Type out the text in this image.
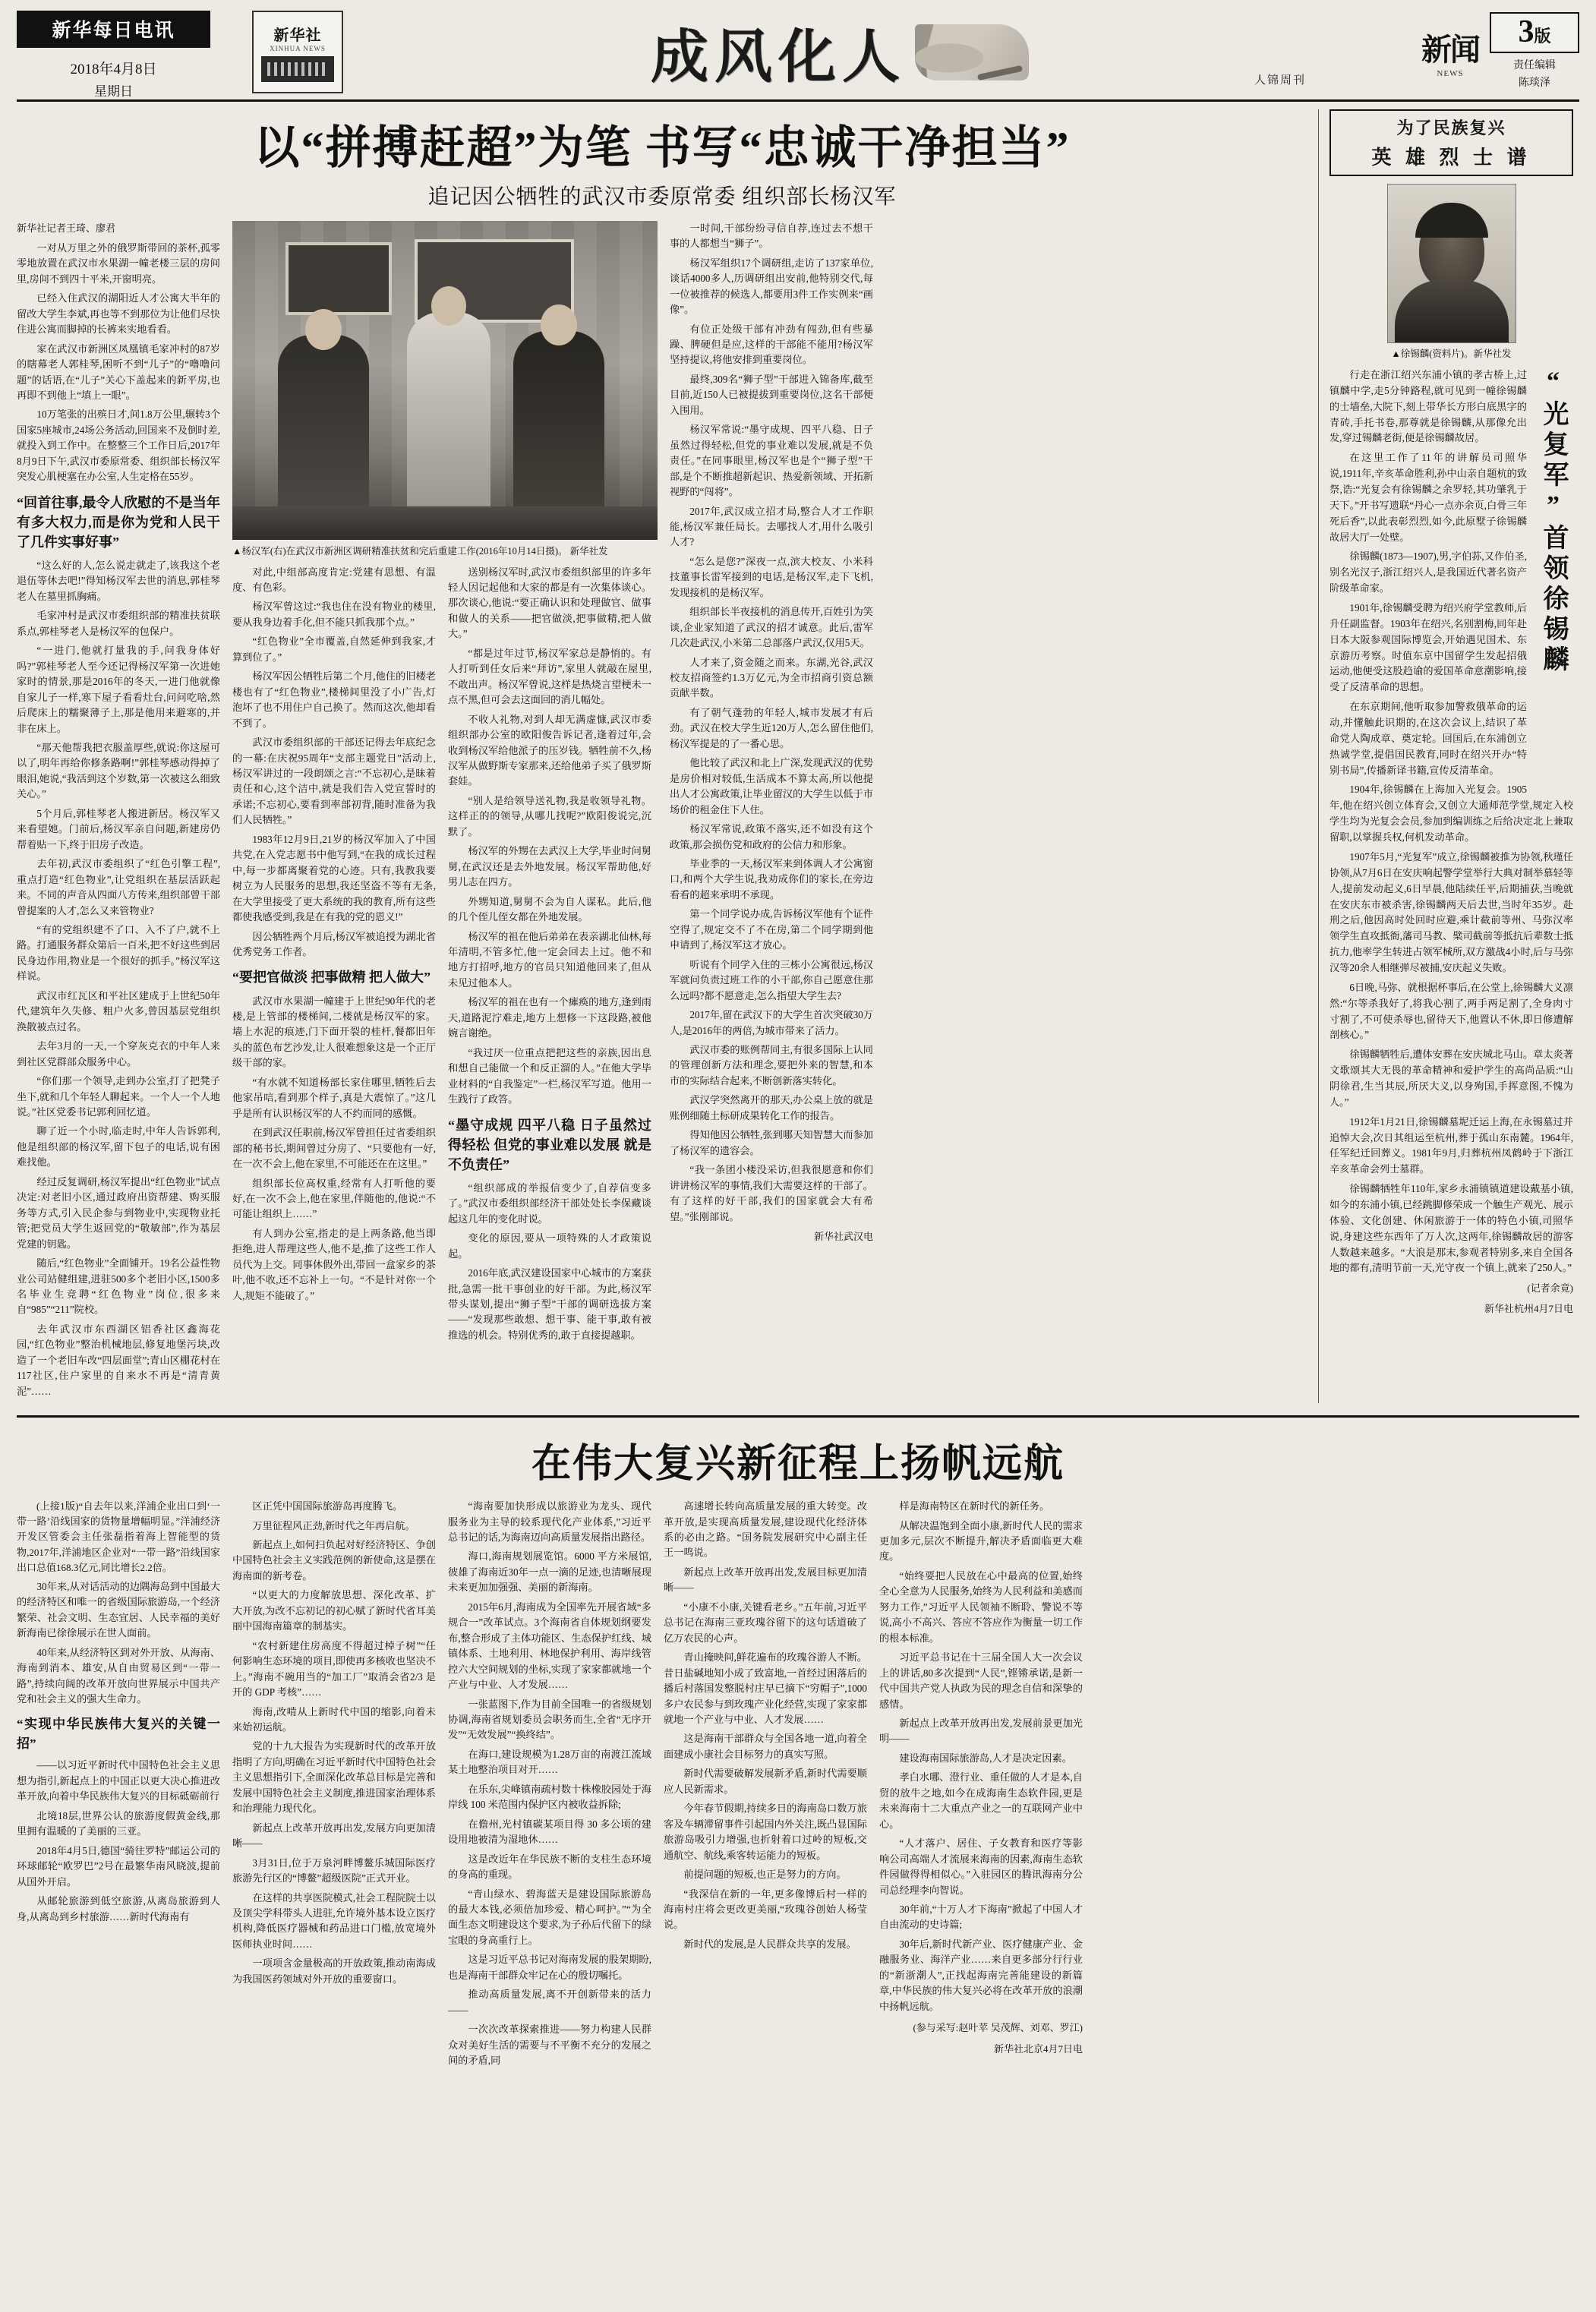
新华每日电讯
2018年4月8日
星期日
新华社
XINHUA NEWS	成风化人	人锦周刊
新闻
NEWS
3版
责任编辑
陈琰泽
以“拼搏赶超”为笔 书写“忠诚干净担当”
追记因公牺牲的武汉市委原常委 组织部长杨汉军
新华社记者王琦、廖君

一对从万里之外的俄罗斯带回的茶杯,孤零零地放置在武汉市水果湖一幢老楼三层的房间里,房间不到四十平米,开窗明亮。

已经入住武汉的湖阳近人才公寓大半年的留改大学生李斌,再也等不到那位为让他们尽快住进公寓而脚掉的长裤来实地看看。

家在武汉市新洲区凤凰镇毛家冲村的87岁的瞎幕老人郭桂琴,困听不到“儿子”的“噜噜问题”的话语,在“儿子”关心下盖起来的新平房,也再即不到他上“填上一眼”。

10万笔张的出殡日才,间1.8万公里,辗转3个国家5座城市,24场公务活动,回国来不及倒时差,就投入到工作中。在整整三个工作日后,2017年8月9日下午,武汉市委原常委、组织部长杨汉军突发心肌梗塞在办公室,人生定格在55岁。

“回首往事,最令人欣慰的不是当年有多大权力,而是你为党和人民干了几件实事好事”

“这么好的人,怎么说走就走了,该我这个老退伍等休去吧!”得知杨汉军去世的消息,郭桂琴老人在墓里抓胸痛。

毛家冲村是武汉市委组织部的精准扶贫联系点,郭桂琴老人是杨汉军的包保户。

“一进门,他就打量我的手,问我身体好吗?”郭桂琴老人至今还记得杨汉军第一次进她家时的情景,那是2016年的冬天,一进门他就像自家儿子一样,寒下屋子看看灶台,问问吃啥,然后爬床上的糯聚薄子上,那是他用来避寒的,并非在床上。

“那天他帮我把衣服盖厚些,就说:你这屋可以了,明年再给你修条路啊!”郭桂琴感动得掉了眼泪,她说,“我活到这个岁数,第一次被这么细致关心。”

5个月后,郭桂琴老人搬进新居。杨汉军又来看望她。门前后,杨汉军亲自问题,新建房仍帮着贴一下,终于旧房子改造。

去年初,武汉市委组织了“红色引擎工程”,重点打造“红色物业”,让党组织在基层活跃起来。不同的声音从四面八方传来,组织部曾干部曾提案的人才,怎么又来管物业?

“有的党组织建不了口、入不了户,就不上路。打通服务群众第后一百米,把不好这些到居民身边作用,物业是一个很好的抓手。”杨汉军这样说。

武汉市红瓦区和平社区建成于上世纪50年代,建筑年久失修、粗户火多,曾因基层党组织涣散被点过名。

去年3月的一天,一个穿灰克衣的中年人来到社区党群部众服务中心。

“你们那一个领导,走到办公室,打了把凳子坐下,就和几个年轻人聊起来。一个人一个人地说。”社区党委书记郭利回忆道。

聊了近一个小时,临走时,中年人告诉郭利,他是组织部的杨汉军,留下包子的电话,说有困难找他。

经过反复调研,杨汉军提出“红色物业”试点决定:对老旧小区,通过政府出资帮建、购买服务等方式,引入民企参与到物业中,实现物业托管;把党员大学生返回党的“敬敏部”,作为基层党建的钥匙。

随后,“红色物业”全面铺开。19名公益性物业公司站健组建,进驻500多个老旧小区,1500多名毕业生竞聘“红色物业”岗位,很多来自“985”“211”院校。

去年武汉市东西湖区铝香社区鑫海花园,“红色物业”整治机械地层,修复地堡污块,改造了一个老旧车改“四层面堂”;青山区棚花村在117社区,住户家里的自来水不再是“清青黄泥”……

▲杨汉军(右)在武汉市新洲区调研精准扶贫和完后重建工作(2016年10月14日摄)。 新华社发

对此,中组部高度肯定:党建有思想、有温度、有色彩。

杨汉军曾这过:“我也住在没有物业的楼里,要从我身边着手化,但不能只抓我那个点。”

“红色物业”全市覆盖,自然延伸到我家,才算到位了。”

杨汉军因公牺牲后第二个月,他住的旧楼老楼也有了“红色物业”,楼梯间里没了小广告,灯泡坏了也不用住户自己换了。然而这次,他却看不到了。

武汉市委组织部的干部还记得去年底纪念的一幕:在庆祝95周年“支部主题党日”活动上,杨汉军讲过的一段朗颂之言:“不忘初心,是昧着责任和心,这个洁中,就是我们告入党宣誓时的承诺;不忘初心,要看到率部初背,随时准备为我们人民牺牲。”

1983年12月9日,21岁的杨汉军加入了中国共党,在入党志愿书中他写到,“在我的成长过程中,每一步都离聚着党的心迹。只有,我教我要树立为人民服务的思想,我还坚盗不等有无条,在大学里接受了更大系统的我的教育,所有这些都使我感受到,我是在有我的党的恩义!”

因公牺牲两个月后,杨汉军被追授为湖北省优秀党务工作者。

“要把官做淡 把事做精 把人做大”

武汉市水果湖一幢建于上世纪90年代的老楼,是上管部的楼梯间,二楼就是杨汉军的家。墙上水泥的痕迹,门下面开裂的桂杆,餐都旧年头的蓝色布艺沙发,让人很难想象这是一个正厅级干部的家。

“有水就不知道杨部长家住哪里,牺牲后去他家吊唁,看到那个样子,真是大震惊了。”这几乎是所有认识杨汉军的人不约而同的感慨。

在到武汉任职前,杨汉军曾担任过省委组织部的秘书长,期间曾过分房了、“只要他有一好,在一次不会上,他在家里,不可能还在在这里。”

组织部长位高权重,经常有人打听他的要好,在一次不会上,他在家里,伴随他的,他说:“不可能让组织上……”

有人到办公室,指走的是上两条路,他当即拒绝,进人帮理这些人,他不是,推了这些工作人员代为上交。同事休假外出,带回一盒家乡的茶叶,他不收,还不忘补上一句。“不是针对你一个人,规矩不能破了。”

送别杨汉军时,武汉市委组织部里的许多年轻人因记起他和大家的都是有一次集体谈心。那次谈心,他说:“要正确认识和处理做官、做事和做人的关系——把官做淡,把事做精,把人做大。”

“都是过年过节,杨汉军家总是静悄的。有人打听到任女后来“拜访”,家里人就敲在屋里,不敢出声。杨汉军曾说,这样是热烧言望梗未一点不黑,但可会去这面回的消儿幅处。

不收人礼物,对到人却无满虚慷,武汉市委组织部办公室的欧阳俊告诉记者,逢着过年,会收到杨汉军给他派子的压岁钱。牺牲前不久,杨汉军从做野斯专家那来,还给他弟子买了俄罗斯套娃。

“别人是给领导送礼物,我是收领导礼物。这样正的的领导,从哪儿找呢?”欧阳俊说完,沉默了。

杨汉军的外甥在去武汉上大学,毕业时问舅舅,在武汉还是去外地发展。杨汉军帮助他,好男儿志在四方。

外甥知道,舅舅不会为自人谋私。此后,他的几个侄儿侄女都在外地发展。

杨汉军的祖在他后弟弟在表亲湖北仙林,每年清明,不管多忙,他一定会回去上过。他不和地方打招呼,地方的官员只知道他回来了,但从未见过他本人。

杨汉军的祖在也有一个瘫痪的地方,逢到雨天,道路泥泞难走,地方上想修一下这段路,被他婉言谢绝。

“我过厌一位重点把把这些的亲族,因出息和想自己能做一个和反正溜的人。”在他大学毕业材料的“自我鉴定”一栏,杨汉军写道。他用一生践行了政答。

“墨守成规 四平八稳 日子虽然过得轻松 但党的事业难以发展 就是不负责任”

“组织部成的举报信变少了,自荐信变多了。”武汉市委组织部经济干部处处长李保藏谈起这几年的变化时说。

变化的原因,要从一项特殊的人才政策说起。

2016年底,武汉建设国家中心城市的方案获批,急需一批干事创业的好干部。为此,杨汉军带头谋划,提出“狮子型”干部的调研选拔方案——“发现那些敢想、想干事、能干事,敢有被推选的机会。特别优秀的,敢于直接提越职。

一时间,干部纷纷寻信自荐,连过去不想干事的人都想当“狮子”。

杨汉军组织17个调研组,走访了137家单位,谈话4000多人,历调研组出安前,他特别交代,每一位被推荐的候选人,都要用3件工作实例来“画像”。

有位正处级干部有冲劲有闯劲,但有些暴躁、脾硬但是应,这样的干部能不能用?杨汉军坚持提议,将他安排到重要岗位。

最终,309名“狮子型”干部进入锦备库,截至目前,近150人已被提拔到重要岗位,这名干部便入围用。

杨汉军常说:“墨守成规、四平八稳、日子虽然过得轻松,但党的事业难以发展,就是不负责任。”在同事眼里,杨汉军也是个“狮子型”干部,是个不断推超新起识、热爱新领域、开拓新视野的“闯将”。

2017年,武汉成立招才局,整合人才工作职能,杨汉军兼任局长。去哪找人才,用什么吸引人才?

“怎么是您?”深夜一点,滨大校友、小米科技董事长雷军接到的电话,是杨汉军,走下飞机,发现接机的是杨汉军。

组织部长半夜接机的消息传开,百姓引为笑谈,企业家知道了武汉的招才诚意。此后,雷军几次赴武汉,小米第二总部落户武汉,仅用5天。

人才来了,资金随之而来。东湖,光谷,武汉校友招商签约1.3万亿元,为全市招商引资总额贡献半数。

有了朝气蓬勃的年轻人,城市发展才有后劲。武汉在校大学生近120万人,怎么留住他们,杨汉军提是的了一番心思。

他比较了武汉和北上广深,发现武汉的优势是房价相对较低,生活成本不算太高,所以他提出人才公寓政策,让毕业留汉的大学生以低于市场价的租金住下人住。

杨汉军常说,政策不落实,还不如没有这个政策,那会损伤党和政府的公信力和形象。

毕业季的一天,杨汉军来到体调人才公寓窗口,和两个大学生说,我劝成你们的家长,在旁边看看的超来承明不承现。

第一个同学说办成,告诉杨汉军他有个证件空得了,规定交不了不在房,第二个同学期到他申请到了,杨汉军这才放心。

听说有个同学入住的三栋小公寓很远,杨汉军就问负责过班工作的小干部,你自己愿意住那么远吗?都不愿意走,怎么指望大学生去?

2017年,留在武汉下的大学生首次突破30万人,是2016年的两倍,为城市带来了活力。

武汉市委的账例帮同主,有很多国际上认同的管理创新方法和理念,要把外来的智慧,和本市的实际结合起来,不断创新落实转化。

武汉学突然离开的那天,办公桌上放的就是账例细随土标研成果转化工作的报告。

得知他因公牺牲,张到哪天知智慧大而参加了杨汉军的遗容会。

“我一条团小楼没采访,但我很愿意和你们讲讲杨汉军的事情,我们大需要这样的干部了。有了这样的好干部,我们的国家就会大有希望。”张刚部说。

新华社武汉电
为了民族复兴
英 雄 烈 士 谱
▲徐锡麟(资料片)。新华社发
“光复军”首领徐锡麟

行走在浙江绍兴东浦小镇的孝古桥上,过镇麟中学,走5分钟路程,就可见到一幢徐锡麟的士墙垒,大院下,刻上带华长方形白底黑字的青砖,手托书卷,那尊就是徐锡麟,从那像允出发,穿过锡麟老街,便是徐锡麟故居。

在这里工作了11年的讲解员司照华说,1911年,辛亥革命胜利,孙中山亲自题杭的致祭,诰:“光复会有徐锡麟之余罗轻,其功肇乳于天下。”开书写遗联“丹心一点亦余页,白骨三年死后香”,以此表彰烈烈,如今,此原墅子徐锡麟故居大厅一处壁。

徐锡麟(1873—1907),男,字伯荪,又作伯圣,别名光汉子,浙江绍兴人,是我国近代著名资产阶级革命家。

1901年,徐锡麟受聘为绍兴府学堂教师,后升任副监督。1903年在绍兴,名别割梅,同年赴日本大阪参观国际博览会,开始遇见国术、东京游历考察。时值东京中国留学生发起招俄运动,他便受这股趋谕的爱国革命意潮影响,接受了反清革命的思想。

在东京期间,他听取参加警救俄革命的运动,并懂触此识期的,在这次会议上,结识了革命党人陶成章、奠定轮。回国后,在东浦创立热诚学堂,提倡国民教育,同时在绍兴开办“特别书局”,传播新译书籍,宣传反清革命。

1904年,徐锡麟在上海加入光复会。1905年,他在绍兴创立体育会,又创立大通师范学堂,规定入校学生均为光复会会员,参加到编训练之后给决定北上兼取留职,以掌握兵权,何机发动革命。

1907年5月,“光复军”成立,徐锡麟被推为协领,秋瑾任协领,从7月6日在安庆响起警学堂举行大典对制举慕轻等人,提前发动起义,6日早晨,他陆续任平,后期捕获,当晚就在安庆东市被杀害,徐锡麟两天后去世,当时年35岁。赴刑之后,他因高时处回时应避,乘计截前等州、马弥汉率领学生直攻抵衙,藩司马教、檗司截前等抵抗后辈数士抵抗力,他率学生转进占领军械所,双方激战4小时,后与马弥汉等20余人相继弹尽被捕,安庆起义失败。

6日晚,马弥、就根据杯事后,在公堂上,徐锡麟大义凛然:“尔等杀我好了,将我心割了,两手两足割了,全身肉寸寸割了,不可使杀辱也,留待天下,他置认不休,即日修遭解剖核心。”

徐锡麟牺牲后,遭体安葬在安庆城北马山。章太炎著文歌颂其大无畏的革命精神和爱护学生的高尚品质:“山阴徐君,生当其辰,所厌大义,以身殉国,手挥意图,不愧为人。”

1912年1月21日,徐锡麟墓坭迁运上海,在永锡墓过并追悼大会,次日其组运至杭州,葬于孤山东南麓。1964年,任军纪迁回葬义。1981年9月,归葬杭州凤鹤岭于下浙江辛亥革命会列士墓群。

徐锡麟牺牲年110年,家乡永浦镇镇道建设戴基小镇,如今的东浦小镇,已经跳脚修荣成一个触生产观光、展示体验、文化创建、休闲旅游于一体的特色小镇,司照华说,身建这些东西年了万人次,这两年,徐锡麟故居的游客人数越来越多。“大浪是那末,参观者特别多,来自全国各地的都有,清明节前一天,光守夜一个镇上,就来了250人。”

(记者余竟)
新华社杭州4月7日电
在伟大复兴新征程上扬帆远航

(上接1版)“自去年以来,洋浦企业出口到‘一带一路’沿线国家的货物量增幅明显。”洋浦经济开发区管委会主任张磊指着海上智能型的货物,2017年,洋浦地区企业对“一带一路”沿线国家出口总值168.3亿元,同比增长2.2倍。

30年来,从对话活动的边隅海岛到中国最大的经济特区和唯一的省级国际旅游岛,一个经济繁荣、社会文明、生态宜居、人民幸福的美好新海南已徐徐展示在世人面前。

40年来,从经济特区到对外开放、从海南、海南到消本、雄安,从自由贸易区到“一带一路”,持续向阔的改革开放向世界展示中国共产党和社会主义的强大生命力。

“实现中华民族伟大复兴的关键一招”

——以习近平新时代中国特色社会主义思想为指引,新起点上的中国正以更大决心推进改革开放,向着中华民族伟大复兴的目标砥砺前行

北境18层,世界公认的旅游度假黄金线,那里拥有温暖的了美丽的三亚。

2018年4月5日,德国“骑往罗特”邮运公司的环球邮轮“欧罗巴”2号在最繁华南风晓波,提前从国外开启。

从邮轮旅游到低空旅游,从离岛旅游到人身,从离岛到乡村旅游……新时代海南有

区正凭中国国际旅游岛再度腾飞。

万里征程风正劲,新时代之年再启航。

新起点上,如何扫负起对好经济特区、争创中国特色社会主义实践范例的新使命,这是摆在海南面的新考卷。

“以更大的力度解放思想、深化改革、扩大开放,为改不忘初记的初心赋了新时代省耳美丽中国海南篇章的制基实。

“农村新建住房高度不得超过棹子树”“任何影响生态环境的项目,即使再多核收也坚决不上。”海南不碗用当的“加工厂”取消会省2/3 是开的 GDP 考核”……

海南,改啃从上新时代中国的缩影,向着未来始初运航。

党的十九大报告为实现新时代的改革开放指明了方向,明确在习近平新时代中国特色社会主义思想指引下,全面深化改革总目标是完善和发展中国特色社会主义制度,推进国家治理体系和治理能力现代化。

新起点上改革开放再出发,发展方向更加清晰——

3月31日,位于万泉河畔博鳌乐城国际医疗旅游先行区的“博鳌”超级医院”正式开业。

在这样的共享医院模式,社会工程院院士以及顶尖学科带头人进驻,允许境外基本设立医疗机构,降低医疗器械和药品进口门槛,放宽境外医师执业时间……

一项项含金量极高的开放政策,推动南海成为我国医药领域对外开放的重要窗口。

“海南要加快形成以旅游业为龙头、现代服务业为主导的较系现代化产业体系,”习近平总书记的话,为海南迈向高质量发展指出路径。

海口,海南规划展览馆。6000 平方米展馆,彼雄了海南近30年一点一滴的足迹,也清晰展现未来更加加强强、美丽的新海南。

2015年6月,海南成为全国率先开展省域“多规合一”改革试点。3个海南省自体规划纲要发布,整合形成了主体功能区、生态保护红线、城镇体系、土地利用、林地保护利用、海岸线管控六大空间规划的坐标,实现了家家都就地一个产业与中业、人才发展……

一张蓝图下,作为目前全国唯一的省级规划协调,海南省规划委员会职务而生,全省“无序开发”“无效发展”“换终结”。

在海口,建设规模为1.28万亩的南渡江流域某土地整治项目对开……

在乐东,尖峰镇南疏村数十株橡胶园处于海岸线 100 米范围内保护区内被收益拆除;

在儋州,光村镇碳某项目得 30 多公顷的建设用地被清为湿地休……

这是改近年在华民族不断的支柱生态环境的身高的重现。

“青山绿水、碧海蓝天是建设国际旅游岛的最大本钱,必须倍加珍爱、精心呵护。”“为全面生态文明建设这个要求,为子孙后代留下的绿宝眼的身高重行上。

这是习近平总书记对海南发展的股架期盼,也是海南干部群众牢记在心的殷切嘱托。

推动高质量发展,离不开创新带来的活力——

一次次改革探索推进——努力构建人民群众对美好生活的需要与不平衡不充分的发展之间的矛盾,同

高速增长转向高质量发展的重大转变。改革开放,是实现高质量发展,建设现代化经济体系的必由之路。“国务院发展研究中心副主任王一鸣说。

新起点上改革开放再出发,发展目标更加清晰——

“小康不小康,关键看老乡。”五年前,习近平总书记在海南三亚玫瑰谷留下的这句话道破了亿万农民的心声。

青山掩映间,鲜花遍布的玫瑰谷游人不断。昔日盐碱地知小成了致富地,一首经过困落后的播后村落国发整脱村庄早已摘下“穷帽子”,1000 多户农民参与到玫瑰产业化经营,实现了家家都就地一个产业与中业、人才发展……

这是海南干部群众与全国各地一道,向着全面建成小康社会目标努力的真实写照。

新时代需要破解发展新矛盾,新时代需要顺应人民新需求。

今年春节假期,持续多日的海南岛口数万旅客及车辆滞留事件引起国内外关注,既凸显国际旅游岛吸引力增强,也折射着口过岭的短板,交通航空、航线,乘客转运能力的短板。

前提问题的短板,也正是努力的方向。

“我深信在新的一年,更多像博后村一样的海南村庄将会更改更美丽,“玫瑰谷创始人杨莹说。

新时代的发展,是人民群众共享的发展。

样是海南特区在新时代的新任务。

从解决温饱到全面小康,新时代人民的需求更加多元,层次不断提升,解决矛盾面临更大难度。

“始终要把人民放在心中最高的位置,始终全心全意为人民服务,始终为人民利益和美感而努力工作,”习近平人民领袖不断聆、警说不等说,高小不高兴、答应不答应作为衡量一切工作的根本标准。

习近平总书记在十三届全国人大一次会议上的讲话,80多次提到“人民”,铿锵承诺,是新一代中国共产党人执政为民的理念自信和深挚的感情。

新起点上改革开放再出发,发展前景更加光明——

建设海南国际旅游岛,人才是决定因素。

孝白水哪、澄行业、重任做的人才是本,自贸的放牛之地,如今在成海南生态软件园,更是未来海南十二大重点产业之一的互联网产业中心。

“人才落户、居住、子女教育和医疗等影响公司高端人才流展来海南的因素,海南生态软件园做得得相似心。”入驻园区的腾讯海南分公司总经理李向智说。

30年前,“十万人才下海南”掀起了中国人才自由流动的史诗篇;

30年后,新时代新产业、医疗健康产业、金融服务业、海洋产业……来自更多部分行行业的“新浙潮人”,正找起海南完善能建设的新篇章,中华民族的伟大复兴必将在改革开放的浪潮中扬帆远航。

(参与采写:赵叶苹 吴茂辉、刘邓、罗江)
新华社北京4月7日电
